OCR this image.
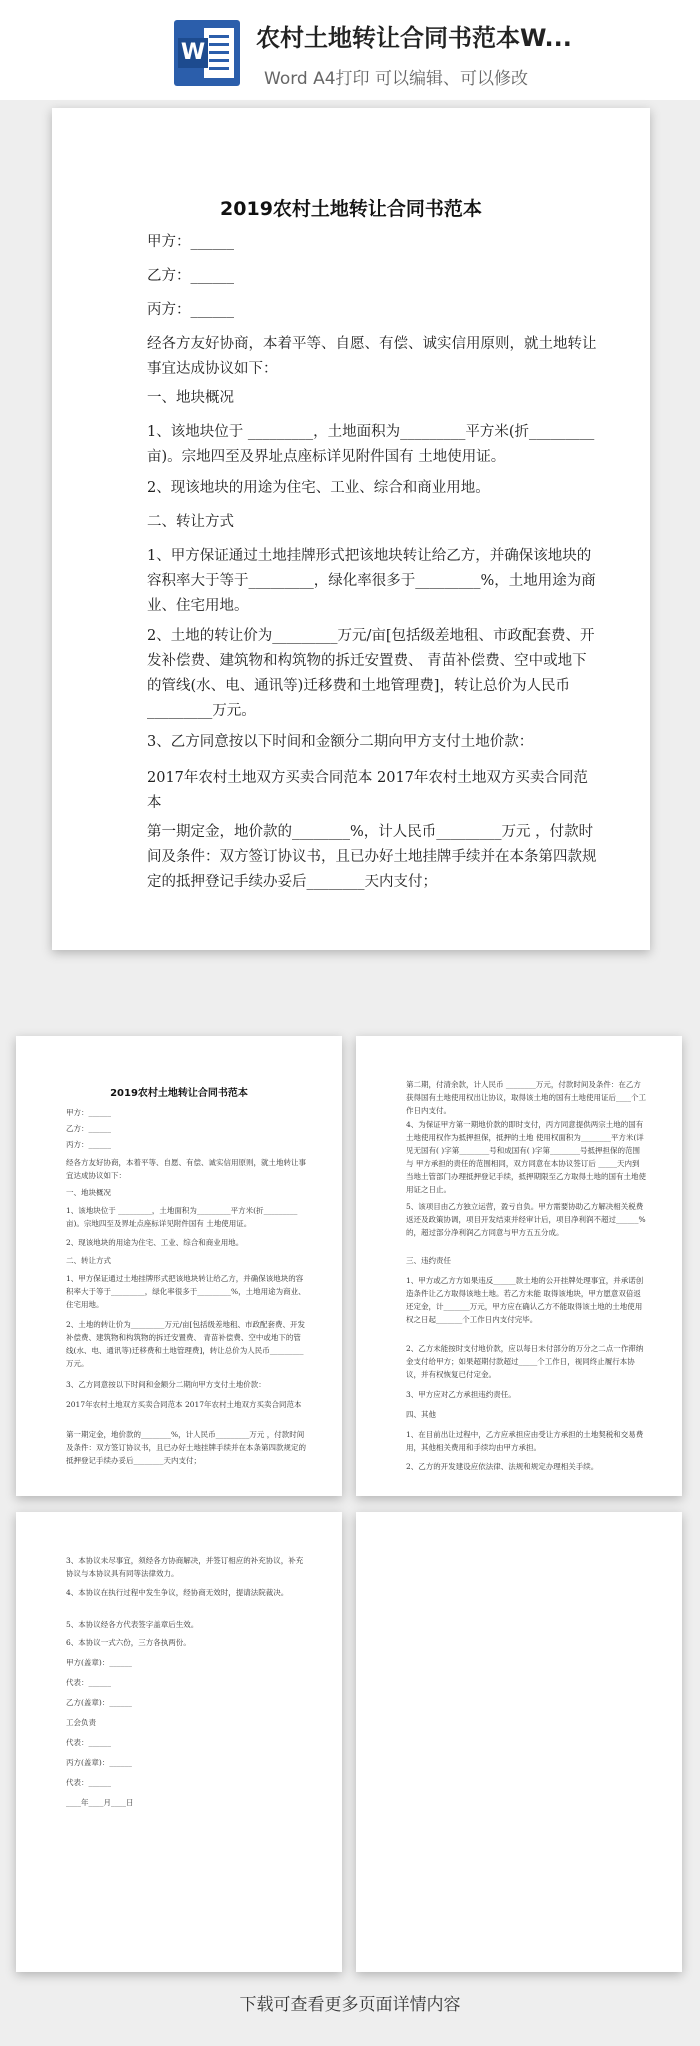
W
农村土地转让合同书范本W...
Word A4打印 可以编辑、可以修改
2019农村土地转让合同书范本
甲方：______
乙方：______
丙方：______
经各方友好协商，本着平等、自愿、有偿、诚实信用原则，就土地转让事宜达成协议如下：
一、地块概况
1、该地块位于 _________，土地面积为_________平方米(折_________亩)。宗地四至及界址点座标详见附件国有 土地使用证。
2、现该地块的用途为住宅、工业、综合和商业用地。
二、转让方式
1、甲方保证通过土地挂牌形式把该地块转让给乙方，并确保该地块的容积率大于等于_________，绿化率很多于_________%，土地用途为商业、住宅用地。
2、土地的转让价为_________万元/亩[包括级差地租、市政配套费、开发补偿费、建筑物和构筑物的拆迁安置费、 青苗补偿费、空中或地下的管线(水、电、通讯等)迁移费和土地管理费]，转让总价为人民币_________万元。
3、乙方同意按以下时间和金额分二期向甲方支付土地价款：
2017年农村土地双方买卖合同范本 2017年农村土地双方买卖合同范本
第一期定金，地价款的________%，计人民币_________万元 ，付款时间及条件：双方签订协议书，且已办好土地挂牌手续并在本条第四款规定的抵押登记手续办妥后________天内支付；
2019农村土地转让合同书范本
甲方：______
乙方：______
丙方：______
经各方友好协商，本着平等、自愿、有偿、诚实信用原则，就土地转让事宜达成协议如下：
一、地块概况
1、该地块位于 _________，土地面积为_________平方米(折_________亩)。宗地四至及界址点座标详见附件国有 土地使用证。
2、现该地块的用途为住宅、工业、综合和商业用地。
二、转让方式
1、甲方保证通过土地挂牌形式把该地块转让给乙方，并确保该地块的容积率大于等于_________，绿化率很多于_________%，土地用途为商业、住宅用地。
2、土地的转让价为_________万元/亩[包括级差地租、市政配套费、开发补偿费、建筑物和构筑物的拆迁安置费、 青苗补偿费、空中或地下的管线(水、电、通讯等)迁移费和土地管理费]，转让总价为人民币_________万元。
3、乙方同意按以下时间和金额分二期向甲方支付土地价款：
2017年农村土地双方买卖合同范本 2017年农村土地双方买卖合同范本
第一期定金，地价款的________%，计人民币_________万元 ，付款时间及条件：双方签订协议书，且已办好土地挂牌手续并在本条第四款规定的抵押登记手续办妥后________天内支付；
第二期，付清余款，计人民币 ________万元，付款时间及条件：在乙方获得国有土地使用权出让协议，取得该土地的国有土地使用证后____个工作日内支付。
4、为保证甲方第一期地价款的即时支付，丙方同意提供两宗土地的国有土地使用权作为抵押担保，抵押的土地 使用权面积为________平方米(详见无国有( )字第________号和成国有( )字第________号抵押担保的范围与 甲方承担的责任的范围相同，双方同意在本协议签订后 _____天内到当地土管部门办理抵押登记手续，抵押期限至乙方取得土地的国有土地使用证之日止。
5、该项目由乙方独立运营，盈亏自负。甲方需要协助乙方解决相关税费返还及政策协调，项目开发结束并经审计后，项目净利润不超过______%的，超过部分净利润乙方同意与甲方五五分成。
三、违约责任
1、甲方或乙方方如果违反______款土地的公开挂牌处理事宜，并承诺创造条件让乙方取得该地土地。若乙方未能 取得该地块，甲方愿意双倍返还定金，计_______万元，甲方应在确认乙方不能取得该土地的土地使用权之日起_______个工作日内支付完毕。
2、乙方未能按时支付地价款，应以每日未付部分的万分之二点一作滞纳金支付给甲方；如果超期付款超过_____个工作日，视同终止履行本协议，并有权恢复已付定金。
3、甲方应对乙方承担违约责任。
四、其他
1、在目前出让过程中，乙方应承担应由受让方承担的土地契税和交易费用，其他相关费用和手续均由甲方承担。
2、乙方的开发建设应依法律、法规和规定办理相关手续。
3、本协议未尽事宜，须经各方协商解决，并签订相应的补充协议，补充协议与本协议具有同等法律效力。
4、本协议在执行过程中发生争议，经协商无效时，提请法院裁决。
5、本协议经各方代表签字盖章后生效。
6、本协议一式六份，三方各执两份。
甲方(盖章)：______
代表：______
乙方(盖章)：______
工会负责
代表：______
丙方(盖章)：______
代表：______
____年____月____日
下载可查看更多页面详情内容
